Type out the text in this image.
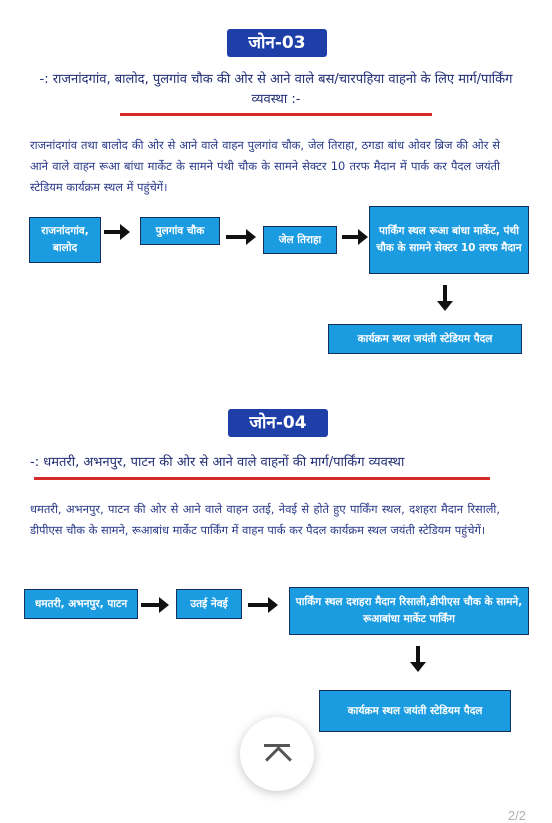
जोन-03
-: राजनांदगांव, बालोद, पुलगांव चौक की ओर से आने वाले बस/चारपहिया वाहनो के लिए मार्ग/पार्किंग व्यवस्था :-
राजनांदगांव तथा बालोद की ओर से आने वाले वाहन पुलगांव चौक, जेल तिराहा, ठगडा बांध ओवर ब्रिज की ओर से आने वाले वाहन रूआ बांधा मार्केट के सामने पंथी चौक के सामने सेक्टर 10 तरफ मैदान में पार्क कर पैदल जयंती स्टेडियम कार्यक्रम स्थल में पहुंचेगें।
राजनांदगांव, बालोद
पुलगांव चौक
जेल तिराहा
पार्किंग स्थल रूआ बांधा मार्केट, पंथी चौक के सामने सेक्टर 10 तरफ मैदान
कार्यक्रम स्थल जयंती स्टेडियम पैदल
जोन-04
-: धमतरी, अभनपुर, पाटन की ओर से आने वाले वाहनों की मार्ग/पार्किंग व्यवस्था
धमतरी, अभनपुर, पाटन की ओर से आने वाले वाहन उतई, नेवई से होते हुए पार्किंग स्थल, दशहरा मैदान रिसाली, डीपीएस चौक के सामने, रूआबांध मार्केट पार्किंग में वाहन पार्क कर पैदल कार्यक्रम स्थल जयंती स्टेडियम पहुंचेगें।
धमतरी, अभनपुर, पाटन	उतई नेवई	पार्किंग स्थल दशहरा मैदान रिसाली,डीपीएस चौक के सामने, रूआबांधा मार्केट पार्किंग
कार्यक्रम स्थल जयंती स्टेडियम पैदल
2/2
